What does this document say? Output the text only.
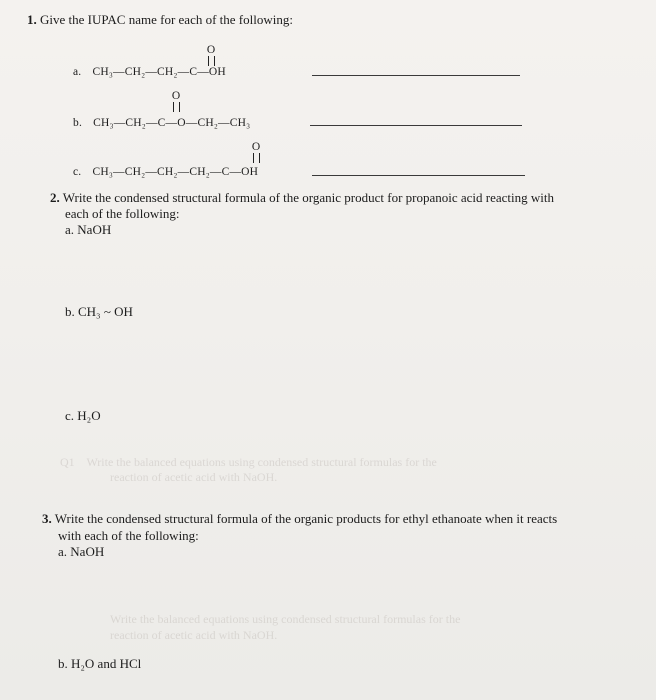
Q1    Write the balanced equations using condensed structural formulas for the
reaction of acetic acid with NaOH.
Write the balanced equations using condensed structural formulas for the
reaction of acetic acid with NaOH.
1. Give the IUPAC name for each of the following:
O
a. CH₃—CH₂—CH₂—C—OH
O
b. CH₃—CH₂—C—O—CH₂—CH₃
O
c. CH₃—CH₂—CH₂—CH₂—C—OH
2. Write the condensed structural formula of the organic product for propanoic acid reacting with
each of the following:
a. NaOH
b. CH₃ ~ OH
c. H₂O
3. Write the condensed structural formula of the organic products for ethyl ethanoate when it reacts
with each of the following:
a. NaOH
b. H₂O and HCl
